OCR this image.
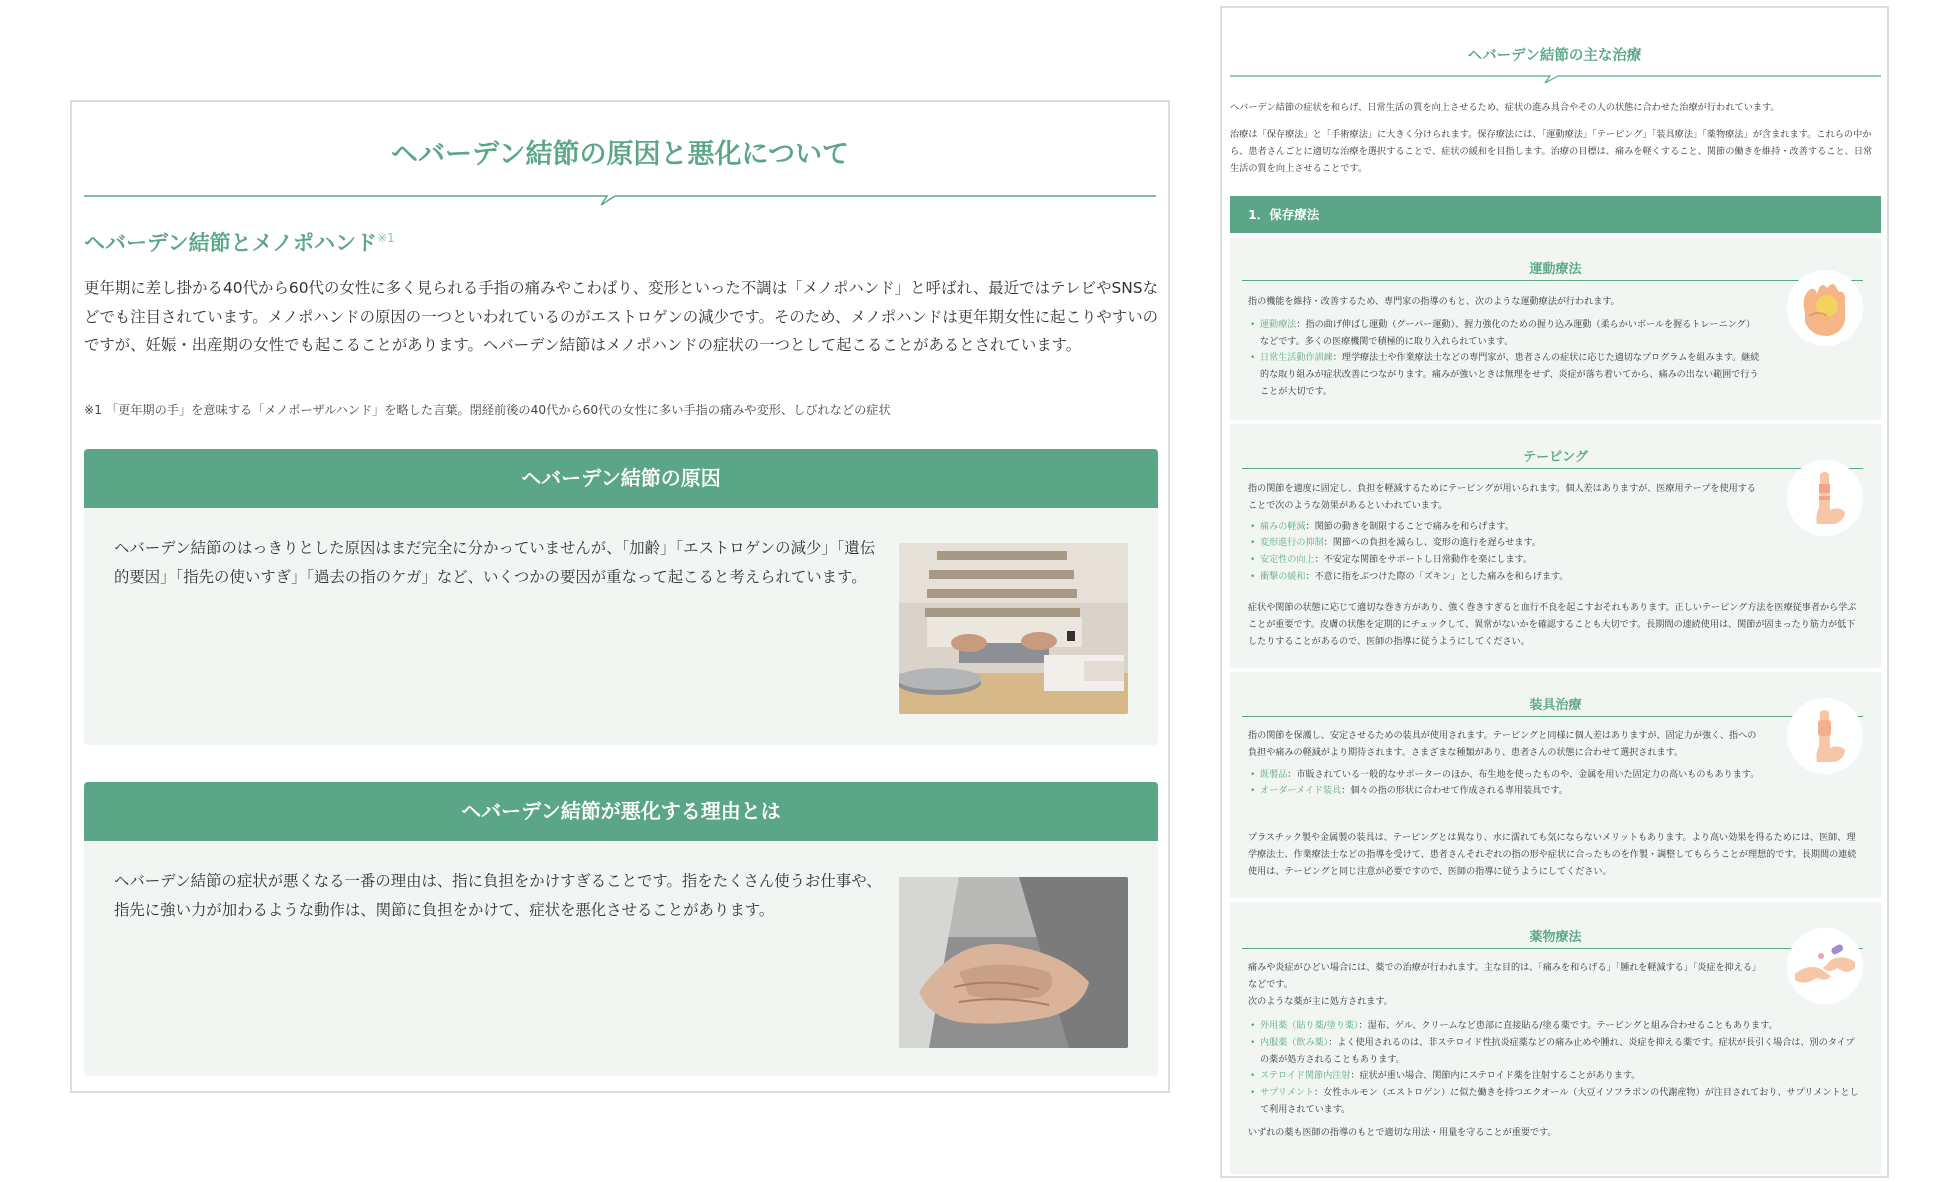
ヘバーデン結節の原因と悪化について
ヘバーデン結節とメノポハンド$^{※1}$
更年期に差し掛かる40代から60代の女性に多く見られる手指の痛みやこわばり、変形といった不調は「メノポハンド」と呼ばれ、最近ではテレビやSNSなどでも注目されています。メノポハンドの原因の一つといわれているのがエストロゲンの減少です。そのため、メノポハンドは更年期女性に起こりやすいのですが、妊娠・出産期の女性でも起こることがあります。ヘバーデン結節はメノポハンドの症状の一つとして起こることがあるとされています。
※1 「更年期の手」を意味する「メノポーザルハンド」を略した言葉。閉経前後の40代から60代の女性に多い手指の痛みや変形、しびれなどの症状
ヘバーデン結節の原因
ヘバーデン結節のはっきりとした原因はまだ完全に分かっていませんが、「加齢」「エストロゲンの減少」「遺伝的要因」「指先の使いすぎ」「過去の指のケガ」など、いくつかの要因が重なって起こると考えられています。
ヘバーデン結節が悪化する理由とは
ヘバーデン結節の症状が悪くなる一番の理由は、指に負担をかけすぎることです。指をたくさん使うお仕事や、指先に強い力が加わるような動作は、関節に負担をかけて、症状を悪化させることがあります。
ヘバーデン結節の主な治療
ヘバーデン結節の症状を和らげ、日常生活の質を向上させるため、症状の進み具合やその人の状態に合わせた治療が行われています。
治療は「保存療法」と「手術療法」に大きく分けられます。保存療法には、「運動療法」「テーピング」「装具療法」「薬物療法」が含まれます。これらの中から、患者さんごとに適切な治療を選択することで、症状の緩和を目指します。治療の目標は、痛みを軽くすること、関節の働きを維持・改善すること、日常生活の質を向上させることです。
1．保存療法
運動療法
指の機能を維持・改善するため、専門家の指導のもと、次のような運動療法が行われます。
• 運動療法：指の曲げ伸ばし運動（グーパー運動）、握力強化のための握り込み運動（柔らかいボールを握るトレーニング）などです。多くの医療機関で積極的に取り入れられています。
• 日常生活動作訓練：理学療法士や作業療法士などの専門家が、患者さんの症状に応じた適切なプログラムを組みます。継続的な取り組みが症状改善につながります。痛みが強いときは無理をせず、炎症が落ち着いてから、痛みの出ない範囲で行うことが大切です。
テーピング
指の関節を適度に固定し、負担を軽減するためにテーピングが用いられます。個人差はありますが、医療用テープを使用することで次のような効果があるといわれています。
• 痛みの軽減：関節の動きを制限することで痛みを和らげます。
• 変形進行の抑制：関節への負担を減らし、変形の進行を遅らせます。
• 安定性の向上：不安定な関節をサポートし日常動作を楽にします。
• 衝撃の緩和：不意に指をぶつけた際の「ズキン」とした痛みを和らげます。
症状や関節の状態に応じて適切な巻き方があり、強く巻きすぎると血行不良を起こすおそれもあります。正しいテーピング方法を医療従事者から学ぶことが重要です。皮膚の状態を定期的にチェックして、異常がないかを確認することも大切です。長期間の連続使用は、関節が固まったり筋力が低下したりすることがあるので、医師の指導に従うようにしてください。
装具治療
指の関節を保護し、安定させるための装具が使用されます。テーピングと同様に個人差はありますが、固定力が強く、指への負担や痛みの軽減がより期待されます。さまざまな種類があり、患者さんの状態に合わせて選択されます。
• 既製品：市販されている一般的なサポーターのほか、布生地を使ったものや、金属を用いた固定力の高いものもあります。
• オーダーメイド装具：個々の指の形状に合わせて作成される専用装具です。
プラスチック製や金属製の装具は、テーピングとは異なり、水に濡れても気にならないメリットもあります。より高い効果を得るためには、医師、理学療法士、作業療法士などの指導を受けて、患者さんそれぞれの指の形や症状に合ったものを作製・調整してもらうことが理想的です。長期間の連続使用は、テーピングと同じ注意が必要ですので、医師の指導に従うようにしてください。
薬物療法
痛みや炎症がひどい場合には、薬での治療が行われます。主な目的は、「痛みを和らげる」「腫れを軽減する」「炎症を抑える」などです。
次のような薬が主に処方されます。
• 外用薬（貼り薬/塗り薬）：湿布、ゲル、クリームなど患部に直接貼る/塗る薬です。テーピングと組み合わせることもあります。
• 内服薬（飲み薬）：よく使用されるのは、非ステロイド性抗炎症薬などの痛み止めや腫れ、炎症を抑える薬です。症状が長引く場合は、別のタイプの薬が処方されることもあります。
• ステロイド関節内注射：症状が重い場合、関節内にステロイド薬を注射することがあります。
• サプリメント：女性ホルモン（エストロゲン）に似た働きを持つエクオール（大豆イソフラボンの代謝産物）が注目されており、サプリメントとして利用されています。
いずれの薬も医師の指導のもとで適切な用法・用量を守ることが重要です。
